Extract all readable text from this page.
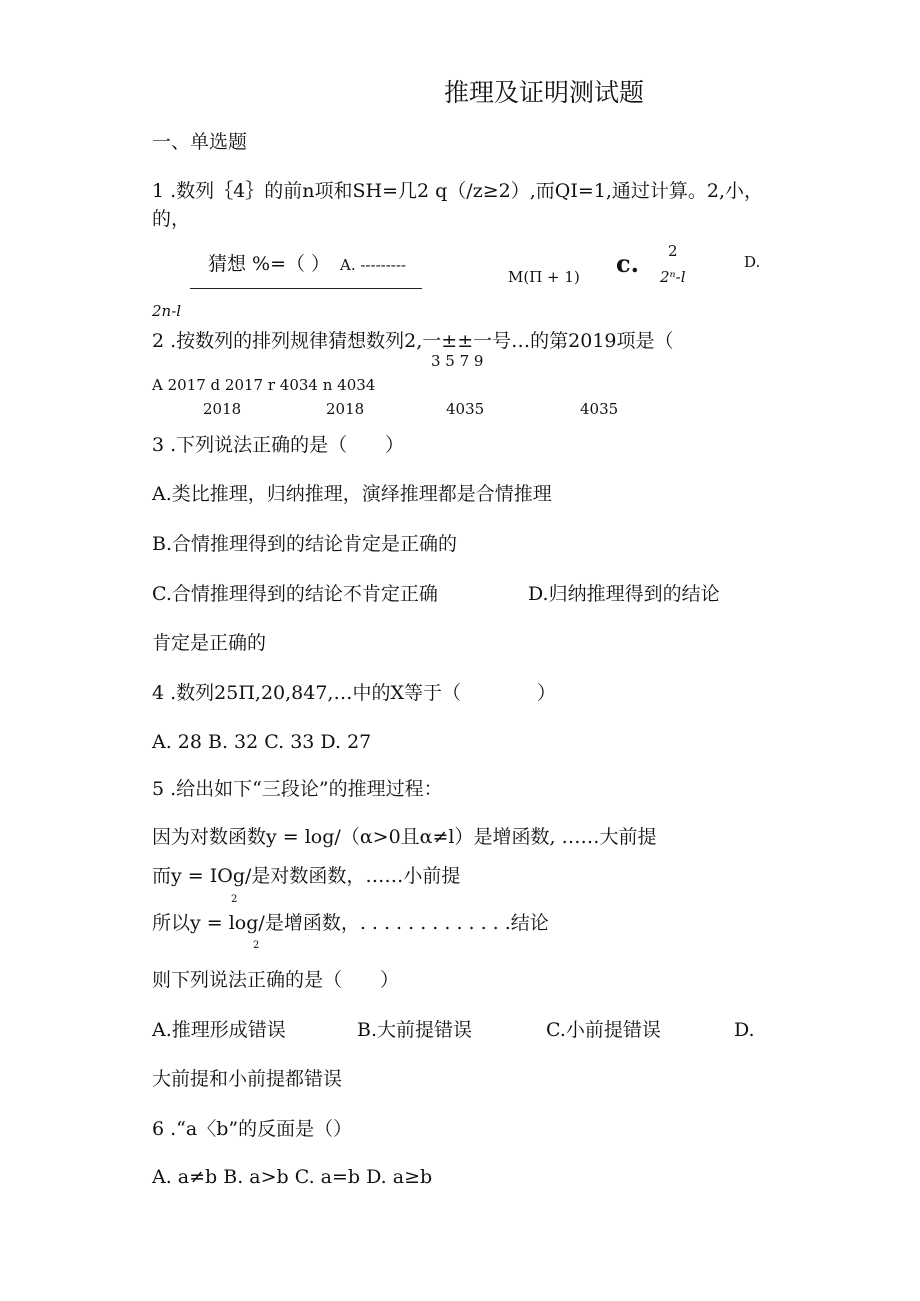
推理及证明测试题
一、单选题
1 .数列｛4｝的前n项和SH=几2 q（/z≥2）,而QI=1,通过计算。2,小，
的，
猜想 %=（ ） A. ---------
M(Π + 1) c. 2
2ⁿ-l
D.
2n-l
2 .按数列的排列规律猜想数列2,一±±一号…的第2019项是（
3 5 7 9
A 2017 d 2017 r 4034 n 4034
2018	2018	4035	4035
3 .下列说法正确的是（　　）
A.类比推理，归纳推理，演绎推理都是合情推理
B.合情推理得到的结论肯定是正确的
C.合情推理得到的结论不肯定正确	D.归纳推理得到的结论
肯定是正确的
4 .数列25Π,20,847,…中的X等于（　　　　）
A. 28 B. 32 C. 33 D. 27
5 .给出如下“三段论”的推理过程：
因为对数函数y = log/（α>0且α≠l）是增函数, ……大前提
而y = IOg/是对数函数，……小前提
2
所以y = log/是增函数，. . . . . . . . . . . . .结论
2
则下列说法正确的是（　　）
A.推理形成错误	B.大前提错误	C.小前提错误	D.
大前提和小前提都错误
6 .“a〈b”的反面是（）
A. a≠b B. a>b C. a=b D. a≥b
